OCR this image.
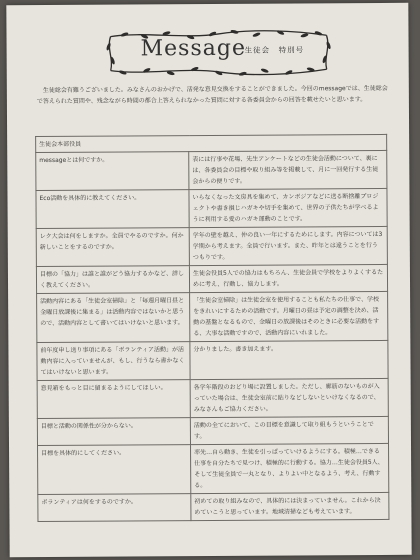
Message
生徒会　特別号

生徒総会有難うございました。みなさんのおかげで、活発な意見交換をすることができました。今回のmessageでは、生徒総会で答えられた質問や、残念ながら時間の都合上答えられなかった質問に対する各委員会からの回答を載せたいと思います。

生徒会本部役員	
messageとは何ですか。	表には行事や花場、先生アンケートなどの生徒会活動について、裏には、各委員会の目標や取り組み等を掲載して、月に一回発行する生徒会からの便りです。
Eco活動を具体的に教えてください。	いらなくなった文房具を集めて、カンボジアなどに送る断捨離プロジェクトや書き損じハガキや切手を集めて、世界の子供たちが学べるように利用する愛のハガキ運動のことです。
レク大会は何をしますか。全員でやるのですか。何か新しいことをするのですか。	学年の壁を越え、仲の良い一年にするためにします。内容については3学期から考えます。全員で行います。また、昨年とは違うことを行うつもりです。
目標の「協力」は誰と誰がどう協力するかなど、詳しく教えてください。	生徒会役員5人での協力はもちろん、生徒会員で学校をよりよくするために考え、行動し、協力します。
活動内容にある「生徒会室掃除」と「毎週月曜日昼と金曜日放課後に集まる」は活動内容ではないかと思うので、活動内容として書いてはいけないと思います。	「生徒会室掃除」は生徒会室を使用することも私たちの仕事で、学校をきれいにするための活動です。月曜日の昼は予定の調整を決め、活動の基盤となるもので、金曜日の放課後はそのときに必要な活動をする、大事な活動ですので、活動内容にいれました。
前年度申し送り事項にある「ボランティア活動」が活動内容に入っていませんが、もし、行うなら書かなくてはいけないと思います。	分かりました。書き加えます。
意見箱をもっと目に留まるようにしてほしい。	各学年階段のおどり場に設置しました。ただし、廊筋のないものが入っていた場合は、生徒会室前に貼りなどしないといけなくなるので、みなさんもご協力ください。
目標と活動の関係性が分からない。	活動の全てにおいて、この目標を意識して取り組もうということです。
目標を具体的にしてください。	率先…自ら動き、生徒を引っぱっていけるようにする。積極…できる仕事を自分たちで見つけ、積極的に行動する。協力…生徒会役員5人、そして生徒全員で一丸となり、よりよい中となるよう、考え、行動する。
ボランティアは何をするのですか。	初めての取り組みなので、具体的には決まっていません。これから決めていこうと思っています。地域清掃なども考えています。
